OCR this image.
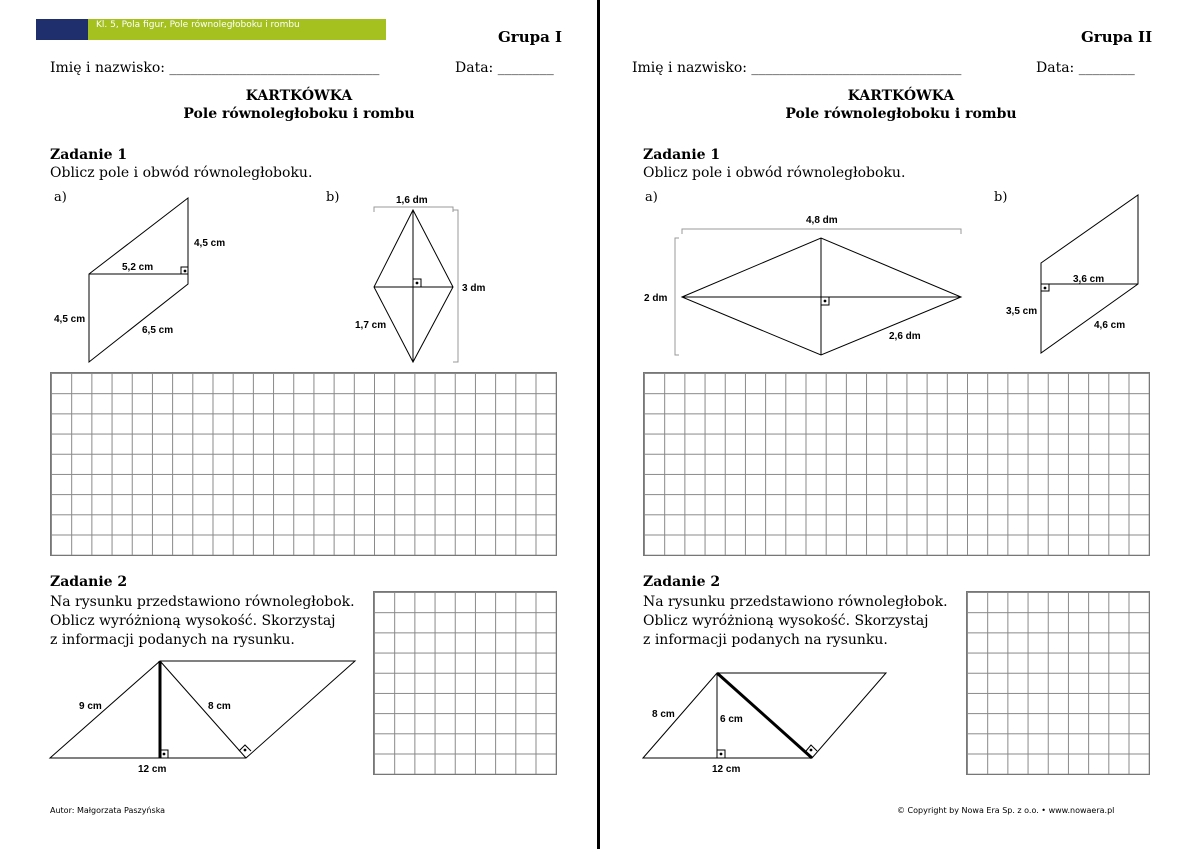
Kl. 5, Pola figur, Pole równoległoboku i rombu
Grupa I
Imię i nazwisko: ______________________________	Data: ________
KARTKÓWKA
Pole równoległoboku i rombu
Zadanie 1
Oblicz pole i obwód równoległoboku.
a)	b)
4,5 cm
5,2 cm
4,5 cm
6,5 cm
1,6 dm
3 dm
1,7 cm
9 cm	8 cm
12 cm
Zadanie 2
Na rysunku przedstawiono równoległobok.
Oblicz wyróżnioną wysokość. Skorzystaj
z informacji podanych na rysunku.
Autor: Małgorzata Paszyńska
Grupa II
Imię i nazwisko: ______________________________	Data: ________
KARTKÓWKA
Pole równoległoboku i rombu
Zadanie 1
Oblicz pole i obwód równoległoboku.
a)	b)
4,8 dm
2 dm
2,6 dm
3,6 cm
3,5 cm
4,6 cm
8 cm	6 cm
12 cm
Zadanie 2
Na rysunku przedstawiono równoległobok.
Oblicz wyróżnioną wysokość. Skorzystaj
z informacji podanych na rysunku.
© Copyright by Nowa Era Sp. z o.o. • www.nowaera.pl
